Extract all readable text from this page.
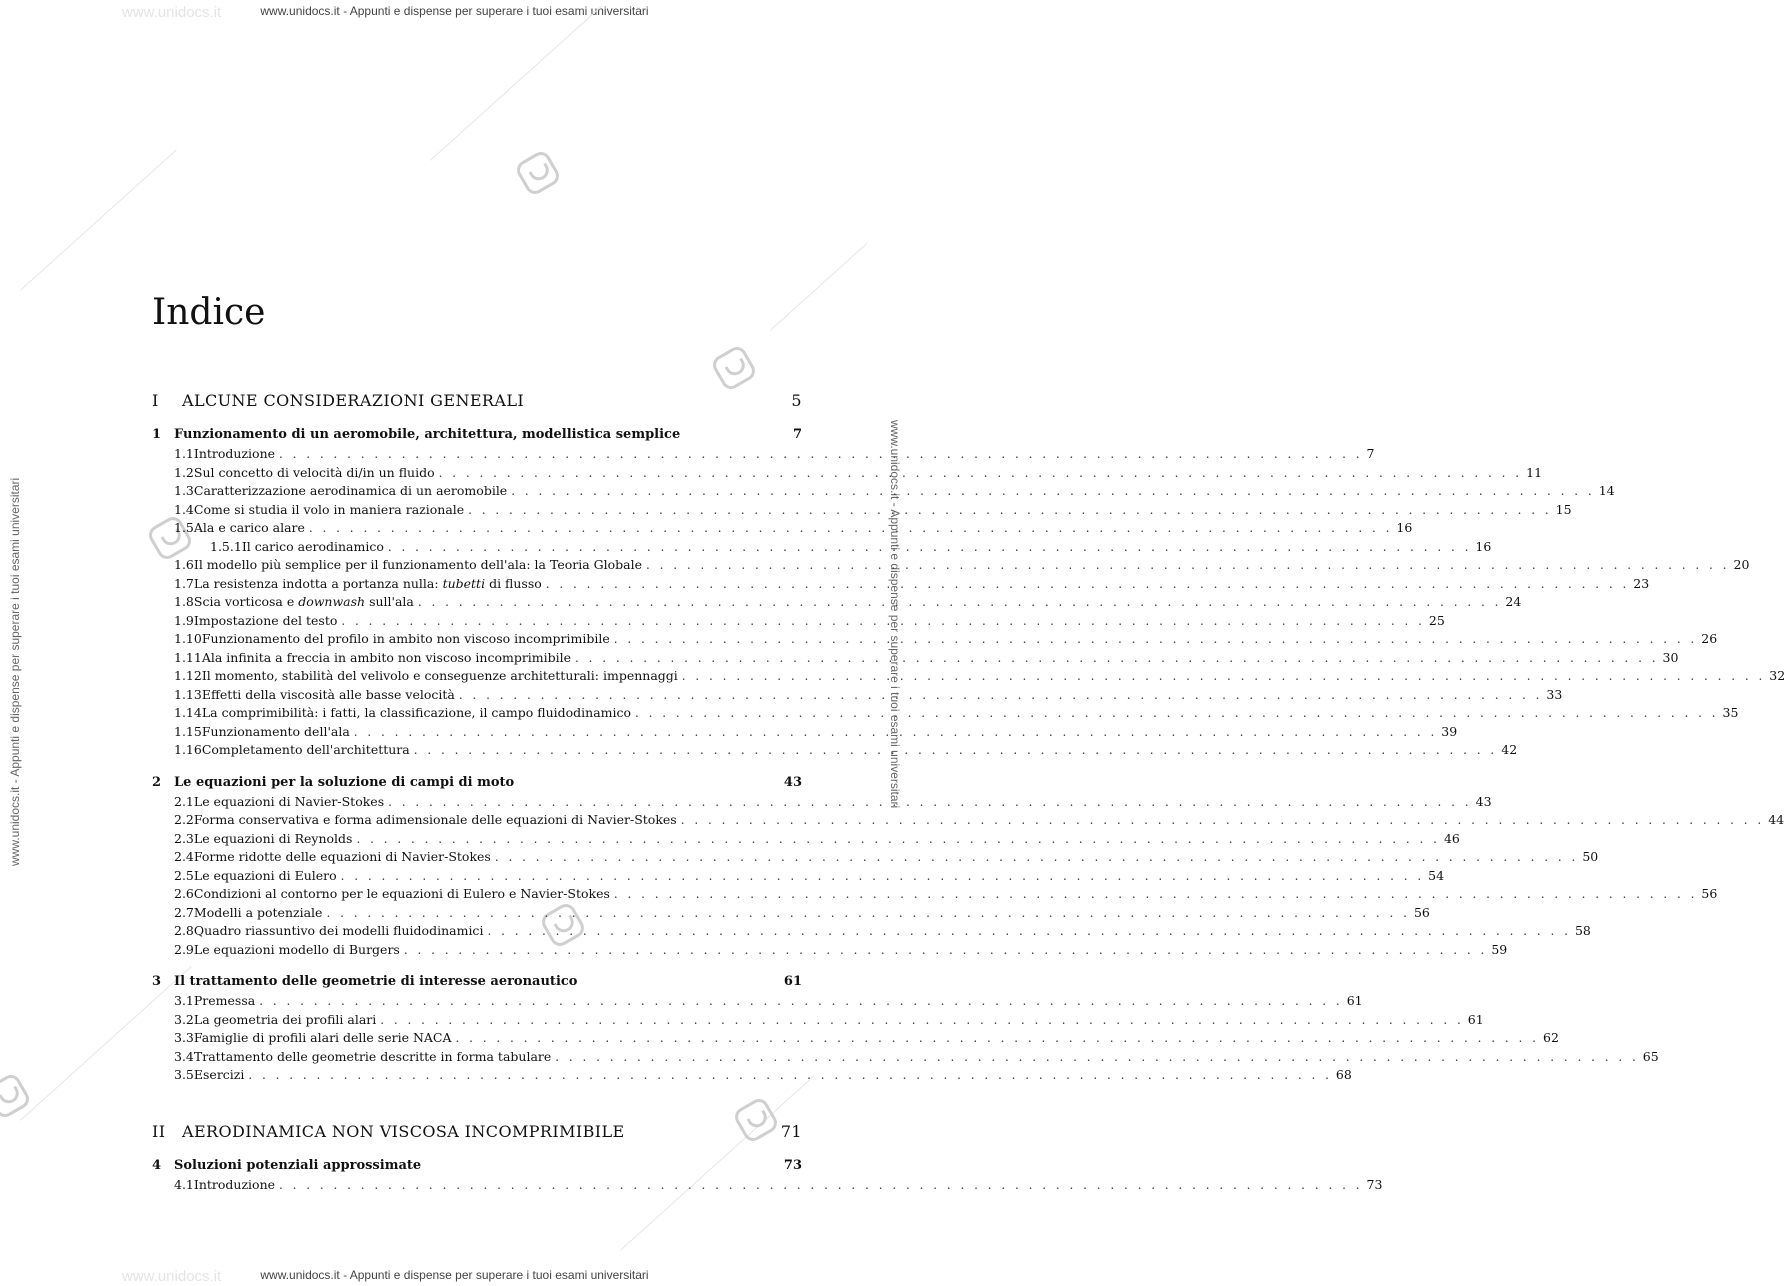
www.unidocs.it - Appunti e dispense per superare i tuoi esami universitari
www.unidocs.it - Appunti e dispense per superare i tuoi esami universitari
www.unidocs.it - Appunti e dispense per superare i tuoi esami universitari	www.unidocs.it - Appunti e dispense per superare i tuoi esami universitari
www.unidocs.it
www.unidocs.it
Indice
I	ALCUNE CONSIDERAZIONI GENERALI	5
1 Funzionamento di un aeromobile, architettura, modellistica semplice	7
1.1 Introduzione . . . . . . . . . . . . . . . . . . . . . . . . . . . . . . . . . . . . . . . . . . . . . . . . . . . . . . . . . . . . . . . . . . . . . . . . . . . . . . . . 7
1.2 Sul concetto di velocità di/in un fluido . . . . . . . . . . . . . . . . . . . . . . . . . . . . . . . . . . . . . . . . . . . . . . . . . . . . . . . . . . . . . . . . . . . . . . . . . . . . . . . . 11
1.3 Caratterizzazione aerodinamica di un aeromobile . . . . . . . . . . . . . . . . . . . . . . . . . . . . . . . . . . . . . . . . . . . . . . . . . . . . . . . . . . . . . . . . . . . . . . . . . . . . . . . . 14
1.4 Come si studia il volo in maniera razionale . . . . . . . . . . . . . . . . . . . . . . . . . . . . . . . . . . . . . . . . . . . . . . . . . . . . . . . . . . . . . . . . . . . . . . . . . . . . . . . . 15
1.5 Ala e carico alare . . . . . . . . . . . . . . . . . . . . . . . . . . . . . . . . . . . . . . . . . . . . . . . . . . . . . . . . . . . . . . . . . . . . . . . . . . . . . . . . 16
1.5.1 Il carico aerodinamico . . . . . . . . . . . . . . . . . . . . . . . . . . . . . . . . . . . . . . . . . . . . . . . . . . . . . . . . . . . . . . . . . . . . . . . . . . . . . . . . 16
1.6 Il modello più semplice per il funzionamento dell'ala: la Teoria Globale . . . . . . . . . . . . . . . . . . . . . . . . . . . . . . . . . . . . . . . . . . . . . . . . . . . . . . . . . . . . . . . . . . . . . . . . . . . . . . . . 20
1.7 La resistenza indotta a portanza nulla: tubetti di flusso . . . . . . . . . . . . . . . . . . . . . . . . . . . . . . . . . . . . . . . . . . . . . . . . . . . . . . . . . . . . . . . . . . . . . . . . . . . . . . . . 23
1.8 Scia vorticosa e downwash sull'ala . . . . . . . . . . . . . . . . . . . . . . . . . . . . . . . . . . . . . . . . . . . . . . . . . . . . . . . . . . . . . . . . . . . . . . . . . . . . . . . . 24
1.9 Impostazione del testo . . . . . . . . . . . . . . . . . . . . . . . . . . . . . . . . . . . . . . . . . . . . . . . . . . . . . . . . . . . . . . . . . . . . . . . . . . . . . . . . 25
1.10 Funzionamento del profilo in ambito non viscoso incomprimibile . . . . . . . . . . . . . . . . . . . . . . . . . . . . . . . . . . . . . . . . . . . . . . . . . . . . . . . . . . . . . . . . . . . . . . . . . . . . . . . . 26
1.11 Ala infinita a freccia in ambito non viscoso incomprimibile . . . . . . . . . . . . . . . . . . . . . . . . . . . . . . . . . . . . . . . . . . . . . . . . . . . . . . . . . . . . . . . . . . . . . . . . . . . . . . . . 30
1.12 Il momento, stabilità del velivolo e conseguenze architetturali: impennaggi . . . . . . . . . . . . . . . . . . . . . . . . . . . . . . . . . . . . . . . . . . . . . . . . . . . . . . . . . . . . . . . . . . . . . . . . . . . . . . . . 32
1.13 Effetti della viscosità alle basse velocità . . . . . . . . . . . . . . . . . . . . . . . . . . . . . . . . . . . . . . . . . . . . . . . . . . . . . . . . . . . . . . . . . . . . . . . . . . . . . . . . 33
1.14 La comprimibilità: i fatti, la classificazione, il campo fluidodinamico . . . . . . . . . . . . . . . . . . . . . . . . . . . . . . . . . . . . . . . . . . . . . . . . . . . . . . . . . . . . . . . . . . . . . . . . . . . . . . . . 35
1.15 Funzionamento dell'ala . . . . . . . . . . . . . . . . . . . . . . . . . . . . . . . . . . . . . . . . . . . . . . . . . . . . . . . . . . . . . . . . . . . . . . . . . . . . . . . . 39
1.16 Completamento dell'architettura . . . . . . . . . . . . . . . . . . . . . . . . . . . . . . . . . . . . . . . . . . . . . . . . . . . . . . . . . . . . . . . . . . . . . . . . . . . . . . . . 42
2 Le equazioni per la soluzione di campi di moto	43
2.1 Le equazioni di Navier-Stokes . . . . . . . . . . . . . . . . . . . . . . . . . . . . . . . . . . . . . . . . . . . . . . . . . . . . . . . . . . . . . . . . . . . . . . . . . . . . . . . . 43
2.2 Forma conservativa e forma adimensionale delle equazioni di Navier-Stokes . . . . . . . . . . . . . . . . . . . . . . . . . . . . . . . . . . . . . . . . . . . . . . . . . . . . . . . . . . . . . . . . . . . . . . . . . . . . . . . . 44
2.3 Le equazioni di Reynolds . . . . . . . . . . . . . . . . . . . . . . . . . . . . . . . . . . . . . . . . . . . . . . . . . . . . . . . . . . . . . . . . . . . . . . . . . . . . . . . . 46
2.4 Forme ridotte delle equazioni di Navier-Stokes . . . . . . . . . . . . . . . . . . . . . . . . . . . . . . . . . . . . . . . . . . . . . . . . . . . . . . . . . . . . . . . . . . . . . . . . . . . . . . . . 50
2.5 Le equazioni di Eulero . . . . . . . . . . . . . . . . . . . . . . . . . . . . . . . . . . . . . . . . . . . . . . . . . . . . . . . . . . . . . . . . . . . . . . . . . . . . . . . . 54
2.6 Condizioni al contorno per le equazioni di Eulero e Navier-Stokes . . . . . . . . . . . . . . . . . . . . . . . . . . . . . . . . . . . . . . . . . . . . . . . . . . . . . . . . . . . . . . . . . . . . . . . . . . . . . . . . 56
2.7 Modelli a potenziale . . . . . . . . . . . . . . . . . . . . . . . . . . . . . . . . . . . . . . . . . . . . . . . . . . . . . . . . . . . . . . . . . . . . . . . . . . . . . . . . 56
2.8 Quadro riassuntivo dei modelli fluidodinamici . . . . . . . . . . . . . . . . . . . . . . . . . . . . . . . . . . . . . . . . . . . . . . . . . . . . . . . . . . . . . . . . . . . . . . . . . . . . . . . . 58
2.9 Le equazioni modello di Burgers . . . . . . . . . . . . . . . . . . . . . . . . . . . . . . . . . . . . . . . . . . . . . . . . . . . . . . . . . . . . . . . . . . . . . . . . . . . . . . . . 59
3 Il trattamento delle geometrie di interesse aeronautico	61
3.1 Premessa . . . . . . . . . . . . . . . . . . . . . . . . . . . . . . . . . . . . . . . . . . . . . . . . . . . . . . . . . . . . . . . . . . . . . . . . . . . . . . . . 61
3.2 La geometria dei profili alari . . . . . . . . . . . . . . . . . . . . . . . . . . . . . . . . . . . . . . . . . . . . . . . . . . . . . . . . . . . . . . . . . . . . . . . . . . . . . . . . 61
3.3 Famiglie di profili alari delle serie NACA . . . . . . . . . . . . . . . . . . . . . . . . . . . . . . . . . . . . . . . . . . . . . . . . . . . . . . . . . . . . . . . . . . . . . . . . . . . . . . . . 62
3.4 Trattamento delle geometrie descritte in forma tabulare . . . . . . . . . . . . . . . . . . . . . . . . . . . . . . . . . . . . . . . . . . . . . . . . . . . . . . . . . . . . . . . . . . . . . . . . . . . . . . . . 65
3.5 Esercizi . . . . . . . . . . . . . . . . . . . . . . . . . . . . . . . . . . . . . . . . . . . . . . . . . . . . . . . . . . . . . . . . . . . . . . . . . . . . . . . . 68
II	AERODINAMICA NON VISCOSA INCOMPRIMIBILE	71
4 Soluzioni potenziali approssimate	73
4.1 Introduzione . . . . . . . . . . . . . . . . . . . . . . . . . . . . . . . . . . . . . . . . . . . . . . . . . . . . . . . . . . . . . . . . . . . . . . . . . . . . . . . . 73
